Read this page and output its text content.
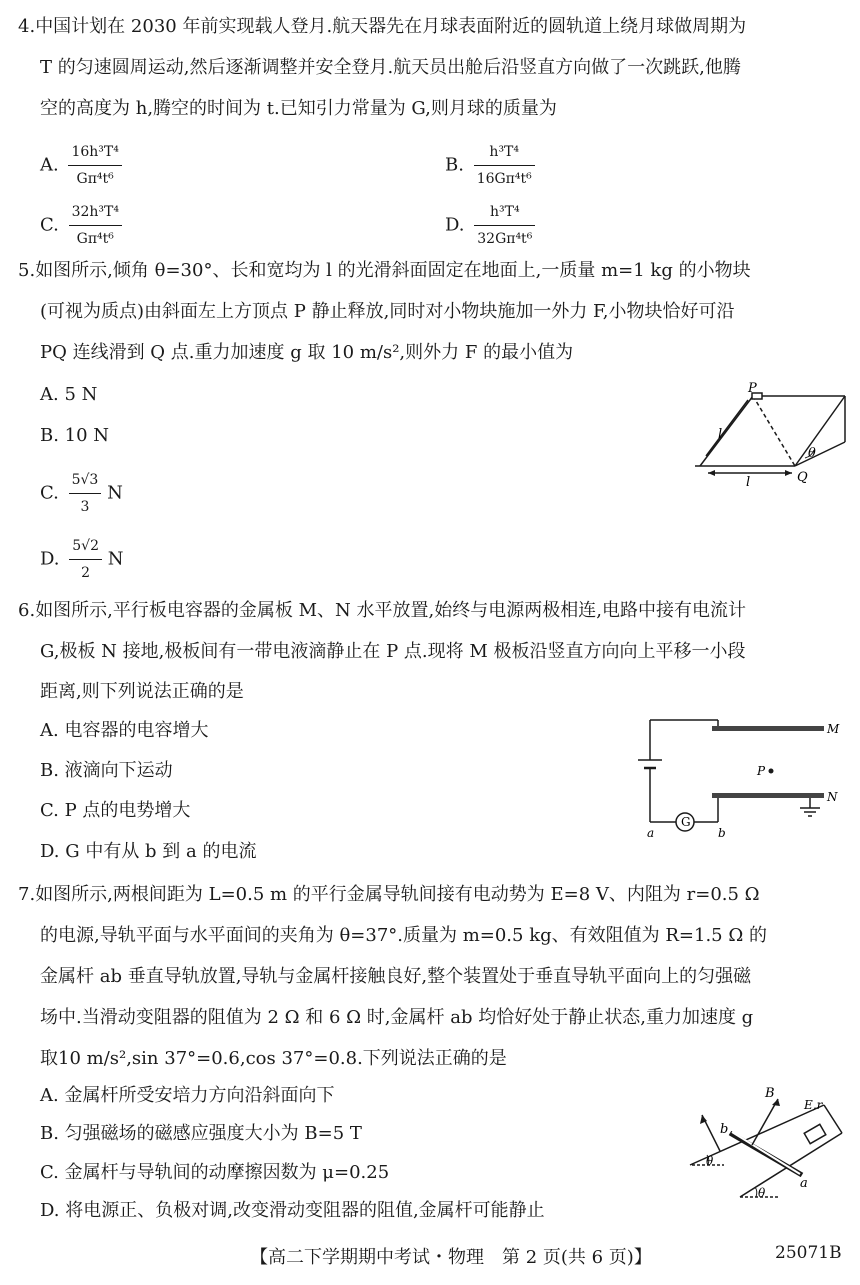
4.中国计划在 2030 年前实现载人登月.航天器先在月球表面附近的圆轨道上绕月球做周期为
T 的匀速圆周运动,然后逐渐调整并安全登月.航天员出舱后沿竖直方向做了一次跳跃,他腾
空的高度为 h,腾空的时间为 t.已知引力常量为 G,则月球的质量为
A. $\frac{\text{16h³T⁴}}{\text{Gπ⁴t⁶}}$	B. $\frac{\text{h³T⁴}}{\text{16Gπ⁴t⁶}}$
C. $\frac{\text{32h³T⁴}}{\text{Gπ⁴t⁶}}$	D. $\frac{\text{h³T⁴}}{\text{32Gπ⁴t⁶}}$
5.如图所示,倾角 θ=30°、长和宽均为 l 的光滑斜面固定在地面上,一质量 m=1 kg 的小物块
(可视为质点)由斜面左上方顶点 P 静止释放,同时对小物块施加一外力 F,小物块恰好可沿
PQ 连线滑到 Q 点.重力加速度 g 取 10 m/s²,则外力 F 的最小值为
A. 5 N
B. 10 N
C. $\frac{5√3}{3}$ N
D. $\frac{5√2}{2}$ N
P
Q
l
l
θ
6.如图所示,平行板电容器的金属板 M、N 水平放置,始终与电源两极相连,电路中接有电流计
G,极板 N 接地,极板间有一带电液滴静止在 P 点.现将 M 极板沿竖直方向向上平移一小段
距离,则下列说法正确的是
A. 电容器的电容增大
B. 液滴向下运动
C. P 点的电势增大
D. G 中有从 b 到 a 的电流
G
M
N
P
a	b
7.如图所示,两根间距为 L=0.5 m 的平行金属导轨间接有电动势为 E=8 V、内阻为 r=0.5 Ω
的电源,导轨平面与水平面间的夹角为 θ=37°.质量为 m=0.5 kg、有效阻值为 R=1.5 Ω 的
金属杆 ab 垂直导轨放置,导轨与金属杆接触良好,整个装置处于垂直导轨平面向上的匀强磁
场中.当滑动变阻器的阻值为 2 Ω 和 6 Ω 时,金属杆 ab 均恰好处于静止状态,重力加速度 g
取10 m/s²,sin 37°=0.6,cos 37°=0.8.下列说法正确的是
A. 金属杆所受安培力方向沿斜面向下
B. 匀强磁场的磁感应强度大小为 B=5 T
C. 金属杆与导轨间的动摩擦因数为 μ=0.25
D. 将电源正、负极对调,改变滑动变阻器的阻值,金属杆可能静止
B
E,r
b
a
θ
θ
【高二下学期期中考试・物理　第 2 页(共 6 页)】	25071B
